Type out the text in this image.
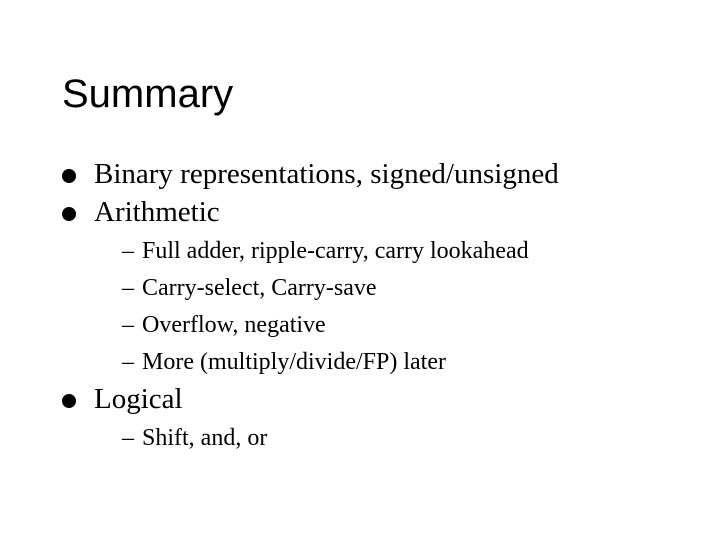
Summary
Binary representations, signed/unsigned
Arithmetic
– Full adder, ripple-carry, carry lookahead
– Carry-select, Carry-save
– Overflow, negative
– More (multiply/divide/FP) later
Logical
– Shift, and, or
